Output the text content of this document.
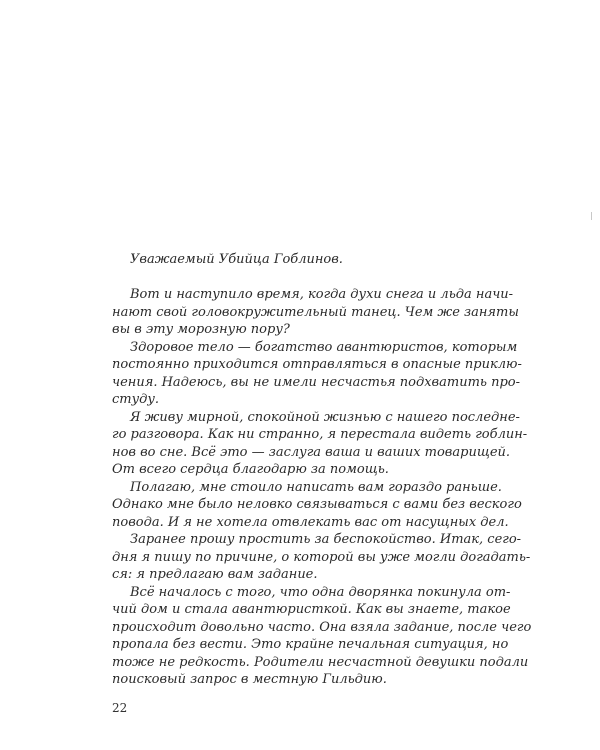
Уважаемый Убийца Гоблинов.
Вот и наступило время, когда духи снега и льда начи-
нают свой головокружительный танец. Чем же заняты
вы в эту морозную пору?
Здоровое тело — богатство авантюристов, которым
постоянно приходится отправляться в опасные приклю-
чения. Надеюсь, вы не имели несчастья подхватить про-
студу.
Я живу мирной, спокойной жизнью с нашего последне-
го разговора. Как ни странно, я перестала видеть гоблин-
нов во сне. Всё это — заслуга ваша и ваших товарищей.
От всего сердца благодарю за помощь.
Полагаю, мне стоило написать вам гораздо раньше.
Однако мне было неловко связываться с вами без веского
повода. И я не хотела отвлекать вас от насущных дел.
Заранее прошу простить за беспокойство. Итак, сего-
дня я пишу по причине, о которой вы уже могли догадать-
ся: я предлагаю вам задание.
Всё началось с того, что одна дворянка покинула от-
чий дом и стала авантюристкой. Как вы знаете, такое
происходит довольно часто. Она взяла задание, после чего
пропала без вести. Это крайне печальная ситуация, но
тоже не редкость. Родители несчастной девушки подали
поисковый запрос в местную Гильдию.
22
